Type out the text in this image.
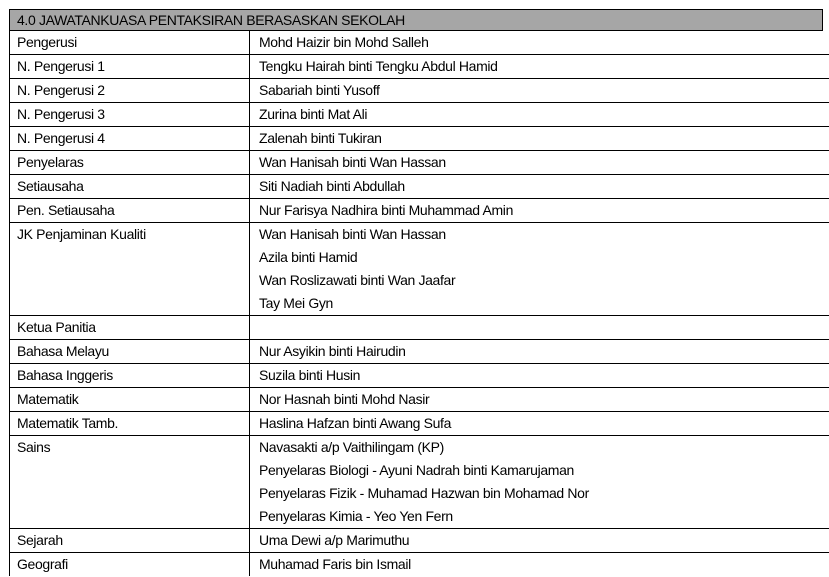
4.0 JAWATANKUASA PENTAKSIRAN BERASASKAN SEKOLAH
Pengerusi	Mohd Haizir bin Mohd Salleh

N. Pengerusi 1	Tengku Hairah binti Tengku Abdul Hamid

N. Pengerusi 2	Sabariah binti Yusoff

N. Pengerusi 3	Zurina binti Mat Ali

N. Pengerusi 4	Zalenah binti Tukiran

Penyelaras	Wan Hanisah binti Wan Hassan

Setiausaha	Siti Nadiah binti Abdullah

Pen. Setiausaha	Nur Farisya Nadhira binti Muhammad Amin

JK Penjaminan Kualiti	Wan Hanisah binti Wan Hassan
Azila binti Hamid
Wan Roslizawati binti Wan Jaafar
Tay Mei Gyn

Ketua Panitia	

Bahasa Melayu	Nur Asyikin binti Hairudin

Bahasa Inggeris	Suzila binti Husin

Matematik	Nor Hasnah binti Mohd Nasir

Matematik Tamb.	Haslina Hafzan binti Awang Sufa

Sains	Navasakti a/p Vaithilingam (KP)
Penyelaras Biologi - Ayuni Nadrah binti Kamarujaman
Penyelaras Fizik - Muhamad Hazwan bin Mohamad Nor
Penyelaras Kimia - Yeo Yen Fern

Sejarah	Uma Dewi a/p Marimuthu

Geografi	Muhamad Faris bin Ismail
